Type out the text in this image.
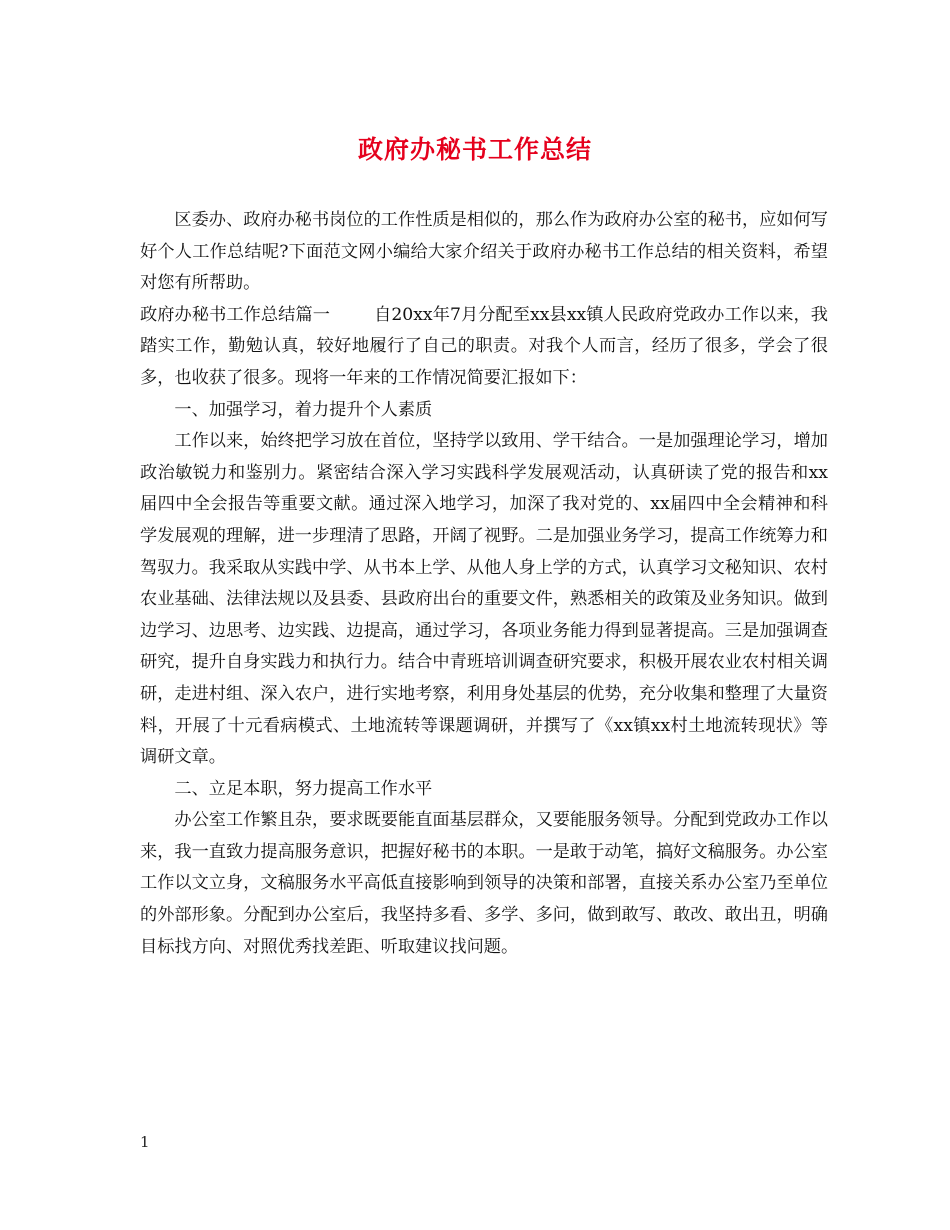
政府办秘书工作总结

区委办、政府办秘书岗位的工作性质是相似的，那么作为政府办公室的秘书，应如何写好个人工作总结呢?下面范文网小编给大家介绍关于政府办秘书工作总结的相关资料，希望对您有所帮助。

政府办秘书工作总结篇一	自20xx年7月分配至xx县xx镇人民政府党政办工作以来，我踏实工作，勤勉认真，较好地履行了自己的职责。对我个人而言，经历了很多，学会了很多，也收获了很多。现将一年来的工作情况简要汇报如下：

一、加强学习，着力提升个人素质

工作以来，始终把学习放在首位，坚持学以致用、学干结合。一是加强理论学习，增加政治敏锐力和鉴别力。紧密结合深入学习实践科学发展观活动，认真研读了党的报告和xx届四中全会报告等重要文献。通过深入地学习，加深了我对党的、xx届四中全会精神和科学发展观的理解，进一步理清了思路，开阔了视野。二是加强业务学习，提高工作统筹力和驾驭力。我采取从实践中学、从书本上学、从他人身上学的方式，认真学习文秘知识、农村农业基础、法律法规以及县委、县政府出台的重要文件，熟悉相关的政策及业务知识。做到边学习、边思考、边实践、边提高，通过学习，各项业务能力得到显著提高。三是加强调查研究，提升自身实践力和执行力。结合中青班培训调查研究要求，积极开展农业农村相关调研，走进村组、深入农户，进行实地考察，利用身处基层的优势，充分收集和整理了大量资料，开展了十元看病模式、土地流转等课题调研，并撰写了《xx镇xx村土地流转现状》等调研文章。

二、立足本职，努力提高工作水平

办公室工作繁且杂，要求既要能直面基层群众，又要能服务领导。分配到党政办工作以来，我一直致力提高服务意识，把握好秘书的本职。一是敢于动笔，搞好文稿服务。办公室工作以文立身，文稿服务水平高低直接影响到领导的决策和部署，直接关系办公室乃至单位的外部形象。分配到办公室后，我坚持多看、多学、多问，做到敢写、敢改、敢出丑，明确目标找方向、对照优秀找差距、听取建议找问题。

1
